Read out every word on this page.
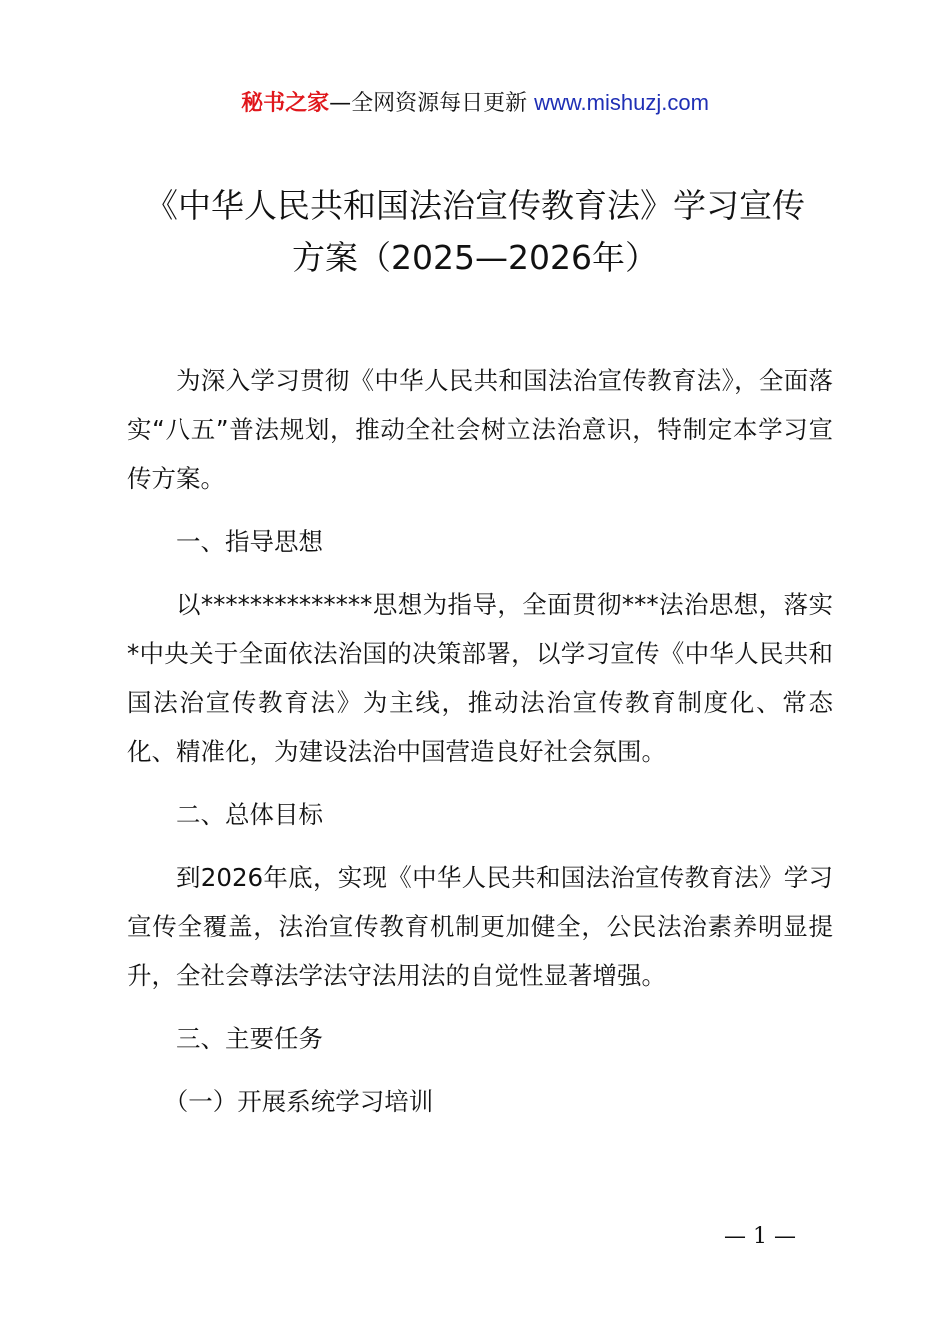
秘书之家—全网资源每日更新 www.mishuzj.com
《中华人民共和国法治宣传教育法》学习宣传
方案（2025—2026年）

为深入学习贯彻《中华人民共和国法治宣传教育法》，全面落实“八五”普法规划，推动全社会树立法治意识，特制定本学习宣传方案。

一、指导思想

以**************思想为指导，全面贯彻***法治思想，落实*中央关于全面依法治国的决策部署，以学习宣传《中华人民共和国法治宣传教育法》为主线，推动法治宣传教育制度化、常态化、精准化，为建设法治中国营造良好社会氛围。

二、总体目标

到2026年底，实现《中华人民共和国法治宣传教育法》学习宣传全覆盖，法治宣传教育机制更加健全，公民法治素养明显提升，全社会尊法学法守法用法的自觉性显著增强。

三、主要任务

（一）开展系统学习培训

— 1 —
